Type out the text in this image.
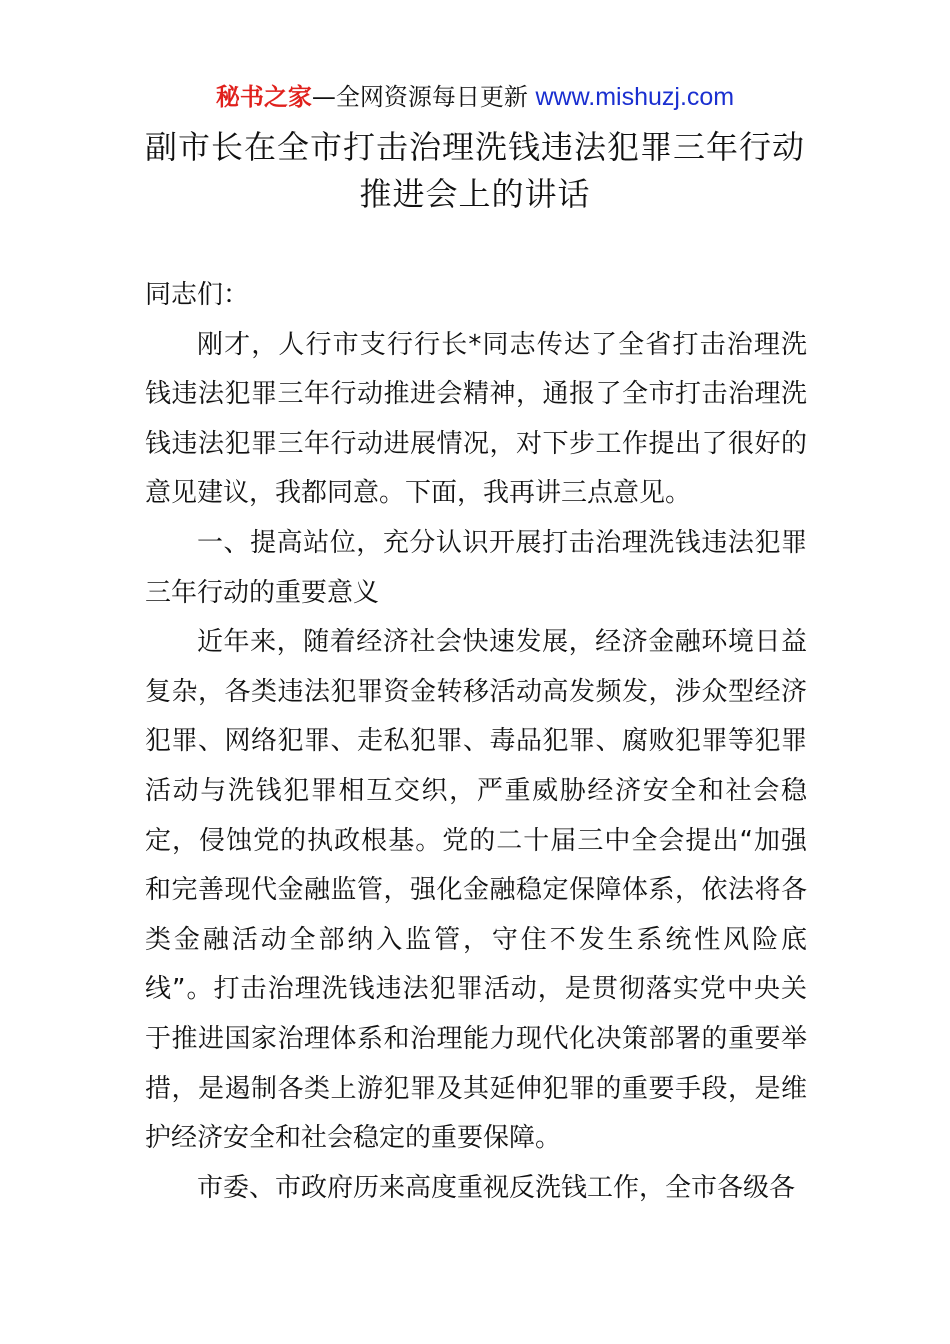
秘书之家—全网资源每日更新 www.mishuzj.com
副市长在全市打击治理洗钱违法犯罪三年行动
推进会上的讲话

同志们：

刚才，人行市支行行长*同志传达了全省打击治理洗钱违法犯罪三年行动推进会精神，通报了全市打击治理洗钱违法犯罪三年行动进展情况，对下步工作提出了很好的意见建议，我都同意。下面，我再讲三点意见。

一、提高站位，充分认识开展打击治理洗钱违法犯罪三年行动的重要意义

近年来，随着经济社会快速发展，经济金融环境日益复杂，各类违法犯罪资金转移活动高发频发，涉众型经济犯罪、网络犯罪、走私犯罪、毒品犯罪、腐败犯罪等犯罪活动与洗钱犯罪相互交织，严重威胁经济安全和社会稳定，侵蚀党的执政根基。党的二十届三中全会提出“加强和完善现代金融监管，强化金融稳定保障体系，依法将各类金融活动全部纳入监管，守住不发生系统性风险底线”。打击治理洗钱违法犯罪活动，是贯彻落实党中央关于推进国家治理体系和治理能力现代化决策部署的重要举措，是遏制各类上游犯罪及其延伸犯罪的重要手段，是维护经济安全和社会稳定的重要保障。

市委、市政府历来高度重视反洗钱工作，全市各级各
